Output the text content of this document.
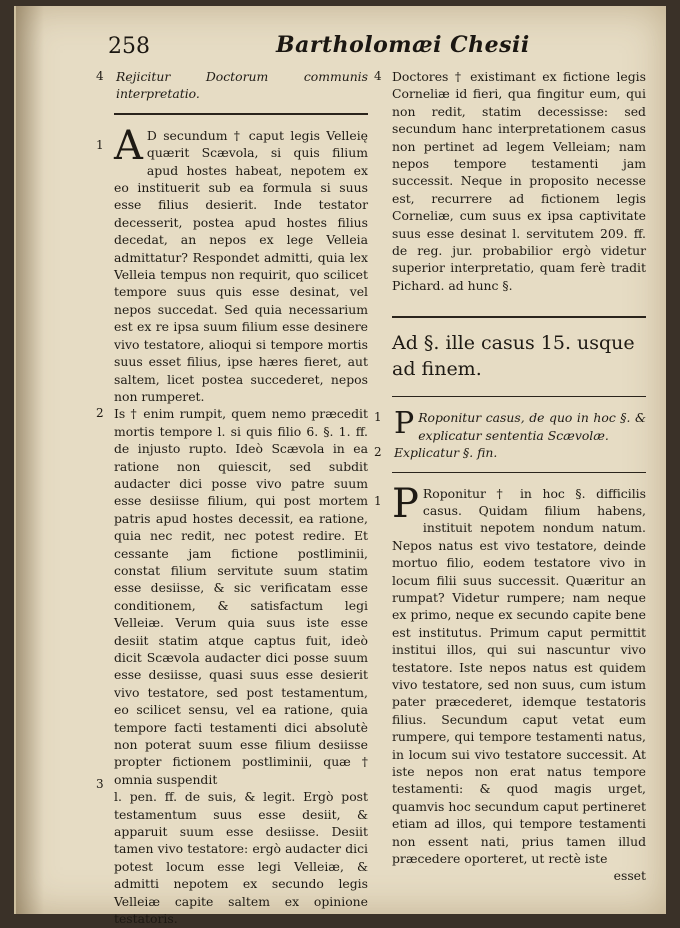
258	Bartholomæi Chesii
4 Rejicitur Doctorum communis interpretatio.
1 A D secundum † caput legis Velleię quærit Scævola, si quis filium apud hostes habeat, nepotem ex eo instituerit sub ea formula si suus esse filius desierit. Inde testator decesserit, postea apud hostes filius decedat, an nepos ex lege Velleia admittatur? Respondet admitti, quia lex Velleia tempus non requirit, quo scilicet tempore suus quis esse desinat, vel nepos succedat. Sed quia necessarium est ex re ipsa suum filium esse desinere vivo testatore, alioqui si tempore mortis suus esset filius, ipse hæres fieret, aut saltem, licet postea succederet, nepos non rumperet.
2 Is † enim rumpit, quem nemo præcedit mortis tempore l. si quis filio 6. §. 1. ff. de injusto rupto. Ideò Scævola in ea ratione non quiescit, sed subdit audacter dici posse vivo patre suum esse desiisse filium, qui post mortem patris apud hostes decessit, ea ratione, quia nec redit, nec potest redire. Et cessante jam fictione postliminii, constat filium servitute suum statim esse desiisse, & sic verificatam esse conditionem, & satisfactum legi Velleiæ. Verum quia suus iste esse desiit statim atque captus fuit, ideò dicit Scævola audacter dici posse suum esse desiisse, quasi suus esse desierit vivo testatore, sed post testamentum, eo scilicet sensu, vel ea ratione, quia tempore facti testamenti dici absolutè non poterat suum esse filium desiisse propter fictionem postliminii, quæ † omnia suspendit
3
l. pen. ff. de suis, & legit. Ergò post testamentum suus esse desiit, & apparuit suum esse desiisse. Desiit tamen vivo testatore: ergò audacter dici potest locum esse legi Velleiæ, & admitti nepotem ex secundo legis Velleiæ capite saltem ex opinione testatoris.
4 Doctores † existimant ex fictione legis Corneliæ id fieri, qua fingitur eum, qui non redit, statim decessisse: sed secundum hanc interpretationem casus non pertinet ad legem Velleiam; nam nepos tempore testamenti jam successit. Neque in proposito necesse est, recurrere ad fictionem legis Corneliæ, cum suus ex ipsa captivitate suus esse desinat l. servitutem 209. ff. de reg. jur. probabilior ergò videtur superior interpretatio, quam ferè tradit Pichard. ad hunc §.
Ad §. ille casus 15. usque ad finem.
1 P Roponitur casus, de quo in hoc §. & explicatur sententia Scævolæ.
2 Explicatur §. fin.
1 P Roponitur † in hoc §. difficilis casus. Quidam filium habens, instituit nepotem nondum natum. Nepos natus est vivo testatore, deinde mortuo filio, eodem testatore vivo in locum filii suus successit. Quæritur an rumpat? Videtur rumpere; nam neque ex primo, neque ex secundo capite bene est institutus. Primum caput permittit institui illos, qui sui nascuntur vivo testatore. Iste nepos natus est quidem vivo testatore, sed non suus, cum istum pater præcederet, idemque testatoris filius. Secundum caput vetat eum rumpere, qui tempore testamenti natus, in locum sui vivo testatore successit. At iste nepos non erat natus tempore testamenti: & quod magis urget, quamvis hoc secundum caput pertineret etiam ad illos, qui tempore testamenti non essent nati, prius tamen illud præcedere oporteret, ut rectè iste
esset
